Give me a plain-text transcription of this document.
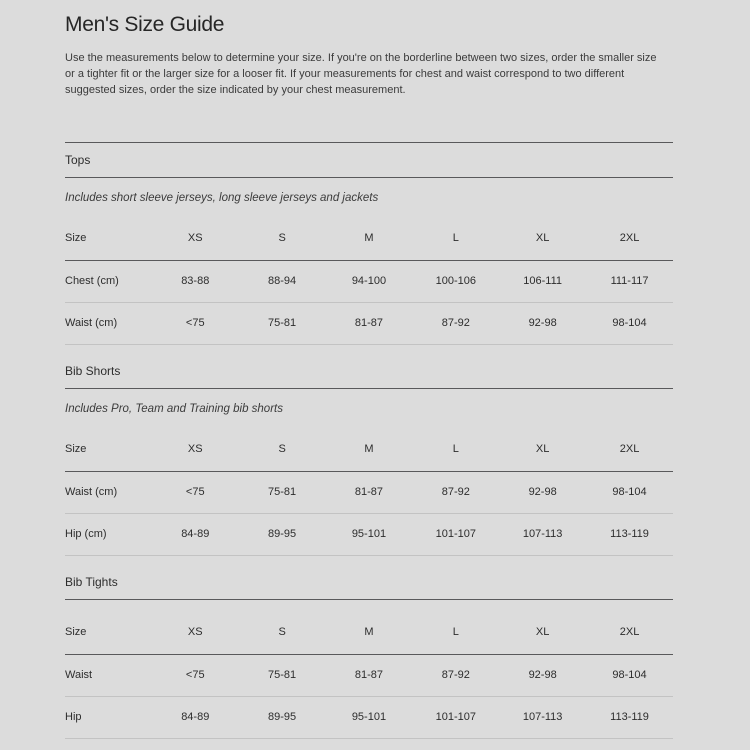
Men's Size Guide

Use the measurements below to determine your size. If you're on the borderline between two sizes, order the smaller size or a tighter fit or the larger size for a looser fit. If your measurements for chest and waist correspond to two different suggested sizes, order the size indicated by your chest measurement.

Tops

Includes short sleeve jerseys, long sleeve jerseys and jackets

Size	XS	S	M	L	XL	2XL
Chest (cm)	83-88	88-94	94-100	100-106	106-111	111-117
Waist (cm)	<75	75-81	81-87	87-92	92-98	98-104
Bib Shorts

Includes Pro, Team and Training bib shorts

Size	XS	S	M	L	XL	2XL
Waist (cm)	<75	75-81	81-87	87-92	92-98	98-104
Hip (cm)	84-89	89-95	95-101	101-107	107-113	113-119
Bib Tights
Size	XS	S	M	L	XL	2XL
Waist	<75	75-81	81-87	87-92	92-98	98-104
Hip	84-89	89-95	95-101	101-107	107-113	113-119
